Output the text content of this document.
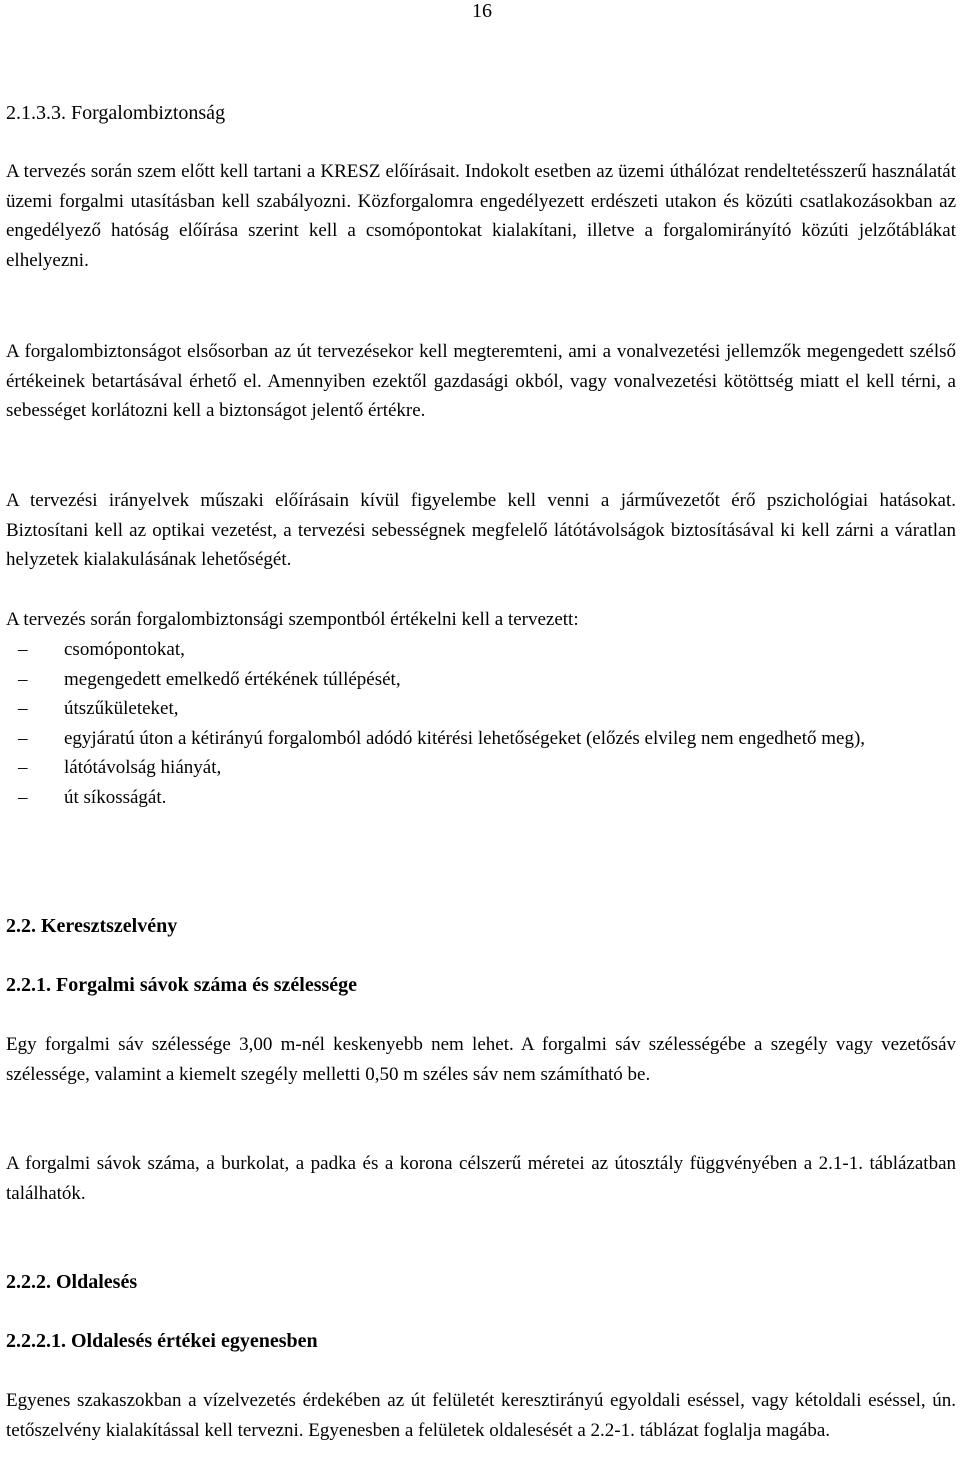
16
2.1.3.3. Forgalombiztonság

A tervezés során szem előtt kell tartani a KRESZ előírásait. Indokolt esetben az üzemi úthálózat rendeltetésszerű használatát üzemi forgalmi utasításban kell szabályozni. Közforgalomra engedélyezett erdészeti utakon és közúti csatlakozásokban az engedélyező hatóság előírása szerint kell a csomópontokat kialakítani, illetve a forgalomirányító közúti jelzőtáblákat elhelyezni.

A forgalombiztonságot elsősorban az út tervezésekor kell megteremteni, ami a vonalvezetési jellemzők megengedett szélső értékeinek betartásával érhető el. Amennyiben ezektől gazdasági okból, vagy vonalvezetési kötöttség miatt el kell térni, a sebességet korlátozni kell a biztonságot jelentő értékre.

A tervezési irányelvek műszaki előírásain kívül figyelembe kell venni a járművezetőt érő pszichológiai hatásokat. Biztosítani kell az optikai vezetést, a tervezési sebességnek megfelelő látótávolságok biztosításával ki kell zárni a váratlan helyzetek kialakulásának lehetőségét.

A tervezés során forgalombiztonsági szempontból értékelni kell a tervezett:

– csomópontokat,
– megengedett emelkedő értékének túllépését,
– útszűkületeket,
– egyjáratú úton a kétirányú forgalomból adódó kitérési lehetőségeket (előzés elvileg nem engedhető meg),
– látótávolság hiányát,
– út síkosságát.
2.2. Keresztszelvény
2.2.1. Forgalmi sávok száma és szélessége

Egy forgalmi sáv szélessége 3,00 m-nél keskenyebb nem lehet. A forgalmi sáv szélességébe a szegély vagy vezetősáv szélessége, valamint a kiemelt szegély melletti 0,50 m széles sáv nem számítható be.

A forgalmi sávok száma, a burkolat, a padka és a korona célszerű méretei az útosztály függvényében a 2.1-1. táblázatban találhatók.

2.2.2. Oldalesés
2.2.2.1. Oldalesés értékei egyenesben

Egyenes szakaszokban a vízelvezetés érdekében az út felületét keresztirányú egyoldali eséssel, vagy kétoldali eséssel, ún. tetőszelvény kialakítással kell tervezni. Egyenesben a felületek oldalesését a 2.2-1. táblázat foglalja magába.
